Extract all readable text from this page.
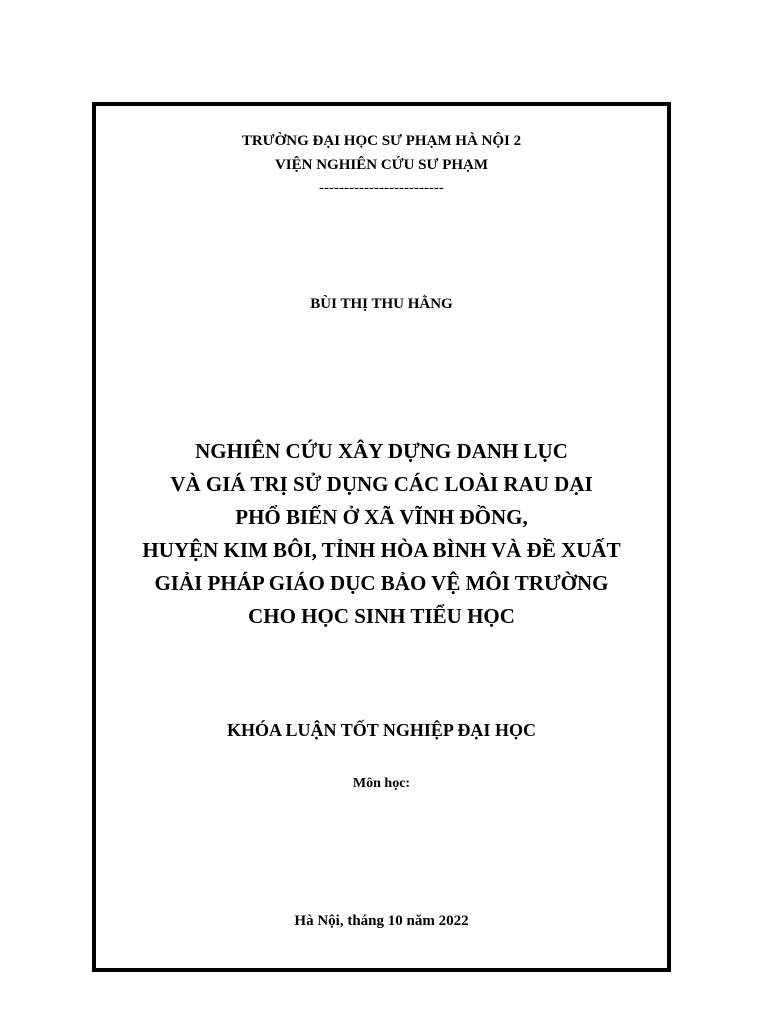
TRƯỜNG ĐẠI HỌC SƯ PHẠM HÀ NỘI 2
VIỆN NGHIÊN CỨU SƯ PHẠM
-------------------------
BÙI THỊ THU HẰNG
NGHIÊN CỨU XÂY DỰNG DANH LỤC
VÀ GIÁ TRỊ SỬ DỤNG CÁC LOÀI RAU DẠI
PHỔ BIẾN Ở XÃ VĨNH ĐỒNG,
HUYỆN KIM BÔI, TỈNH HÒA BÌNH VÀ ĐỀ XUẤT
GIẢI PHÁP GIÁO DỤC BẢO VỆ MÔI TRƯỜNG
CHO HỌC SINH TIỂU HỌC
KHÓA LUẬN TỐT NGHIỆP ĐẠI HỌC
Môn học:
Hà Nội, tháng 10 năm 2022
